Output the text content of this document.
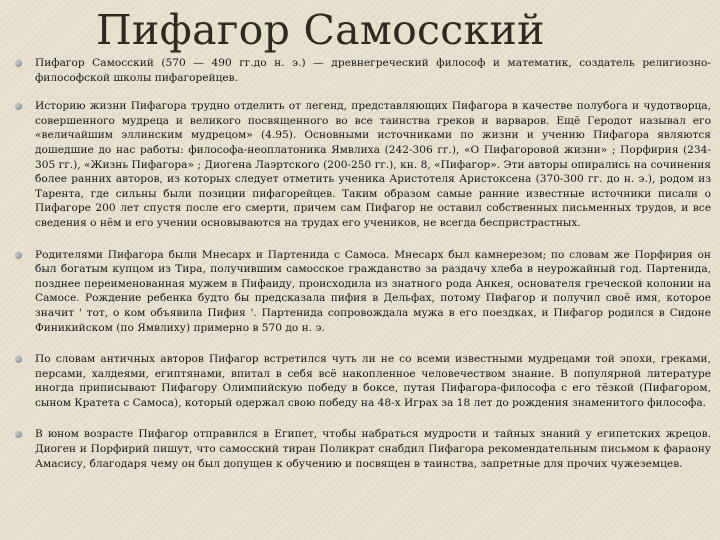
Пифагор Самосский
Пифагор Самосский (570 — 490 гг.до н. э.) — древнегреческий философ и математик, создатель религиозно-философской школы пифагорейцев.
Историю жизни Пифагора трудно отделить от легенд, представляющих Пифагора в качестве полубога и чудотворца, совершенного мудреца и великого посвященного во все таинства греков и варваров. Ещё Геродот называл его «величайшим эллинским мудрецом» (4.95). Основными источниками по жизни и учению Пифагора являются дошедшие до нас работы: философа-неоплатоника Ямвлиха (242-306 гг.), «О Пифагоровой жизни» ; Порфирия (234-305 гг.), «Жизнь Пифагора» ; Диогена Лаэртского (200-250 гг.), кн. 8, «Пифагор». Эти авторы опирались на сочинения более ранних авторов, из которых следует отметить ученика Аристотеля Аристоксена (370-300 гг. до н. э.), родом из Тарента, где сильны были позиции пифагорейцев. Таким образом самые ранние известные источники писали о Пифагоре 200 лет спустя после его смерти, причем сам Пифагор не оставил собственных письменных трудов, и все сведения о нём и его учении основываются на трудах его учеников, не всегда беспристрастных.
Родителями Пифагора были Мнесарх и Партенида с Самоса. Мнесарх был камнерезом; по словам же Порфирия он был богатым купцом из Тира, получившим самосское гражданство за раздачу хлеба в неурожайный год. Партенида, позднее переименованная мужем в Пифаиду, происходила из знатного рода Анкея, основателя греческой колонии на Самосе. Рождение ребенка будто бы предсказала пифия в Дельфах, потому Пифагор и получил своё имя, которое значит ' тот, о ком объявила Пифия '. Партенида сопровождала мужа в его поездках, и Пифагор родился в Сидоне Финикийском (по Ямвлиху) примерно в 570 до н. э.
По словам античных авторов Пифагор встретился чуть ли не со всеми известными мудрецами той эпохи, греками, персами, халдеями, египтянами, впитал в себя всё накопленное человечеством знание. В популярной литературе иногда приписывают Пифагору Олимпийскую победу в боксе, путая Пифагора-философа с его тёзкой (Пифагором, сыном Кратета с Самоса), который одержал свою победу на 48-х Играх за 18 лет до рождения знаменитого философа.
В юном возрасте Пифагор отправился в Египет, чтобы набраться мудрости и тайных знаний у египетских жрецов. Диоген и Порфирий пишут, что самосский тиран Поликрат снабдил Пифагора рекомендательным письмом к фараону Амасису, благодаря чему он был допущен к обучению и посвящен в таинства, запретные для прочих чужеземцев.
